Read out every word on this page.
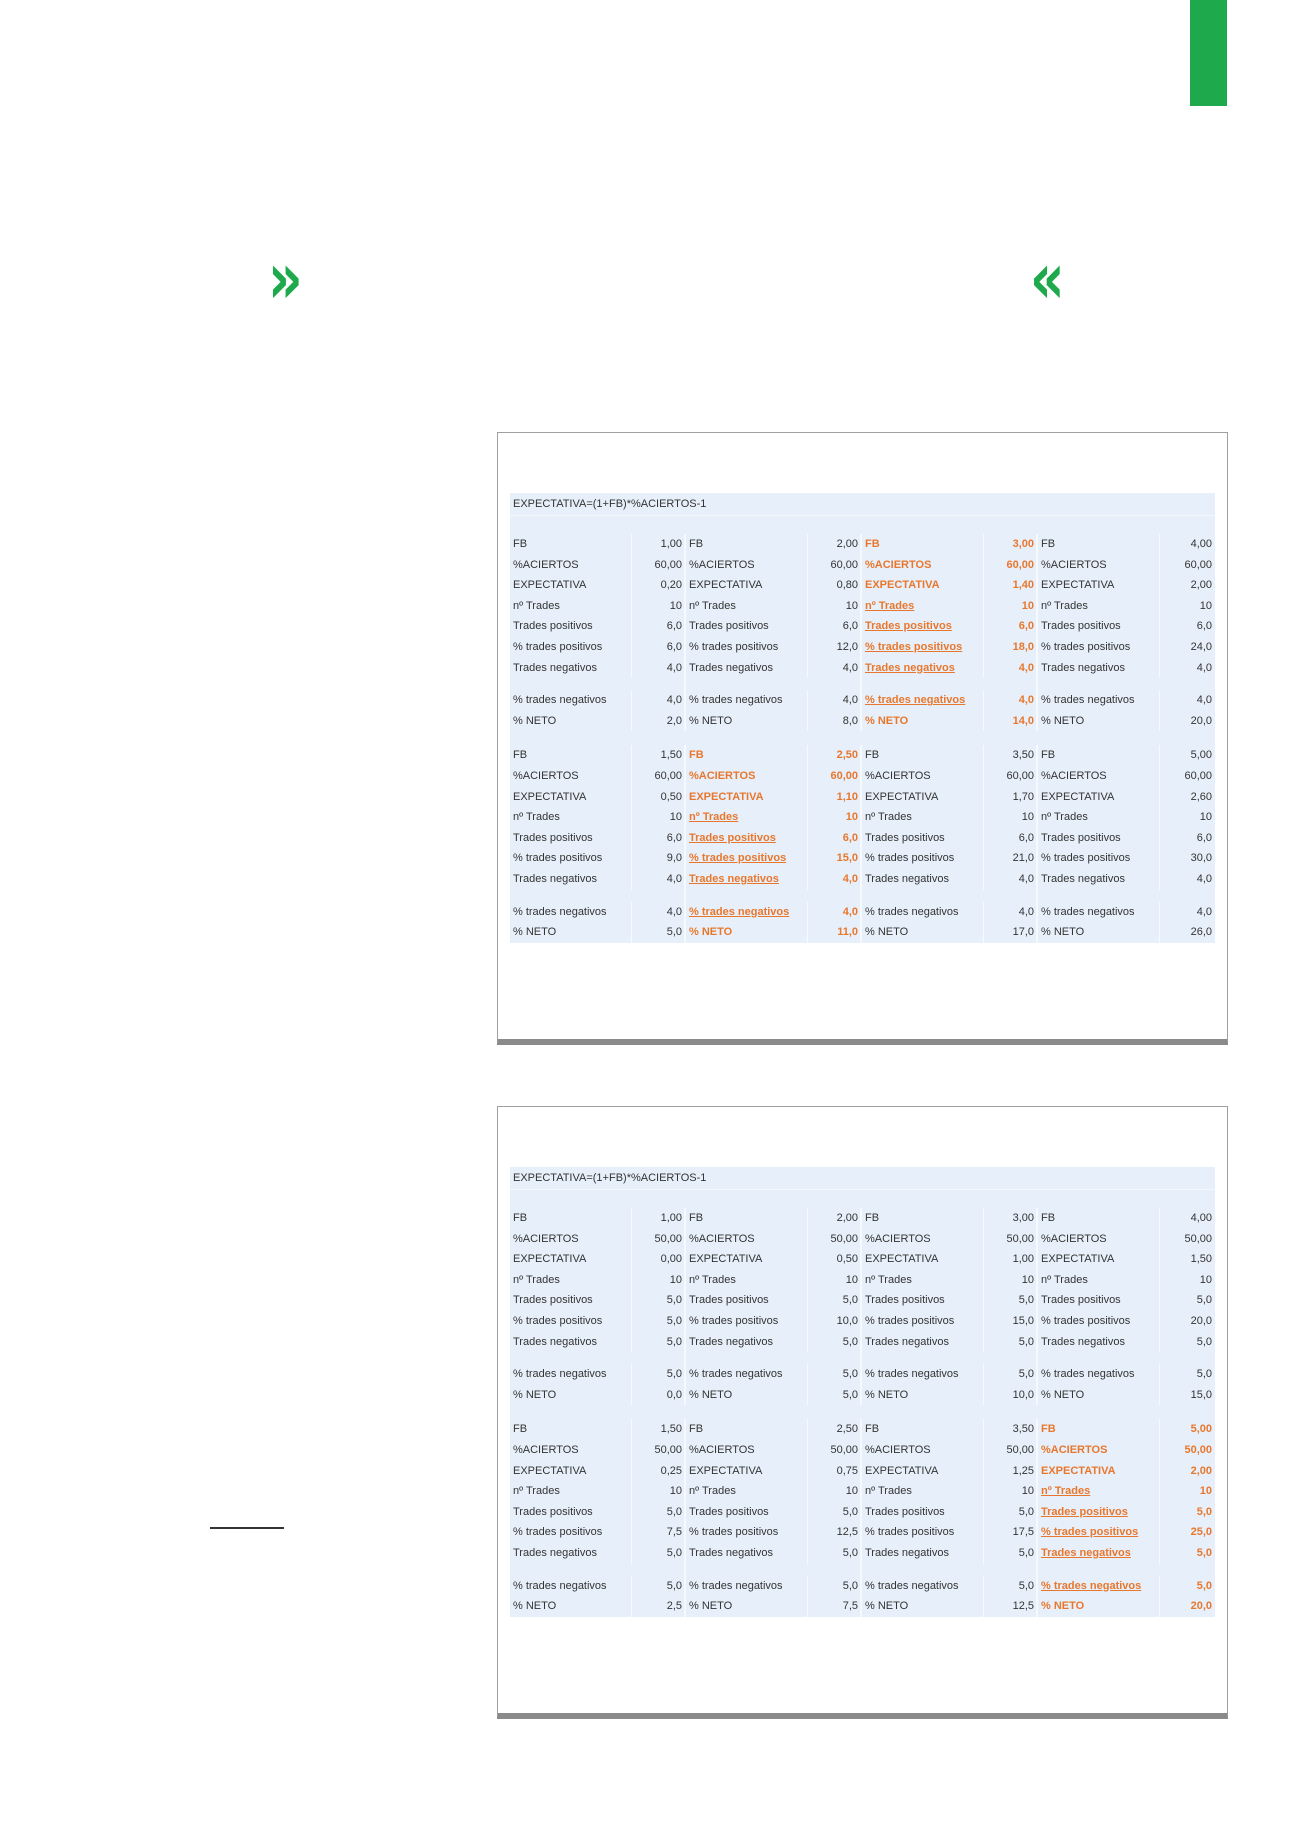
»	«
EXPECTATIVA=(1+FB)*%ACIERTOS-1
FB	1,00
%ACIERTOS	60,00
EXPECTATIVA	0,20
nº Trades	10
Trades positivos	6,0
% trades positivos	6,0
Trades negativos	4,0
% trades negativos	4,0
% NETO	2,0
FB	2,00
%ACIERTOS	60,00
EXPECTATIVA	0,80
nº Trades	10
Trades positivos	6,0
% trades positivos	12,0
Trades negativos	4,0
% trades negativos	4,0
% NETO	8,0
FB	3,00
%ACIERTOS	60,00
EXPECTATIVA	1,40
nº Trades	10
Trades positivos	6,0
% trades positivos	18,0
Trades negativos	4,0
% trades negativos	4,0
% NETO	14,0
FB	4,00
%ACIERTOS	60,00
EXPECTATIVA	2,00
nº Trades	10
Trades positivos	6,0
% trades positivos	24,0
Trades negativos	4,0
% trades negativos	4,0
% NETO	20,0
FB	1,50
%ACIERTOS	60,00
EXPECTATIVA	0,50
nº Trades	10
Trades positivos	6,0
% trades positivos	9,0
Trades negativos	4,0
% trades negativos	4,0
% NETO	5,0
FB	2,50
%ACIERTOS	60,00
EXPECTATIVA	1,10
nº Trades	10
Trades positivos	6,0
% trades positivos	15,0
Trades negativos	4,0
% trades negativos	4,0
% NETO	11,0
FB	3,50
%ACIERTOS	60,00
EXPECTATIVA	1,70
nº Trades	10
Trades positivos	6,0
% trades positivos	21,0
Trades negativos	4,0
% trades negativos	4,0
% NETO	17,0
FB	5,00
%ACIERTOS	60,00
EXPECTATIVA	2,60
nº Trades	10
Trades positivos	6,0
% trades positivos	30,0
Trades negativos	4,0
% trades negativos	4,0
% NETO	26,0
EXPECTATIVA=(1+FB)*%ACIERTOS-1
FB	1,00
%ACIERTOS	50,00
EXPECTATIVA	0,00
nº Trades	10
Trades positivos	5,0
% trades positivos	5,0
Trades negativos	5,0
% trades negativos	5,0
% NETO	0,0
FB	2,00
%ACIERTOS	50,00
EXPECTATIVA	0,50
nº Trades	10
Trades positivos	5,0
% trades positivos	10,0
Trades negativos	5,0
% trades negativos	5,0
% NETO	5,0
FB	3,00
%ACIERTOS	50,00
EXPECTATIVA	1,00
nº Trades	10
Trades positivos	5,0
% trades positivos	15,0
Trades negativos	5,0
% trades negativos	5,0
% NETO	10,0
FB	4,00
%ACIERTOS	50,00
EXPECTATIVA	1,50
nº Trades	10
Trades positivos	5,0
% trades positivos	20,0
Trades negativos	5,0
% trades negativos	5,0
% NETO	15,0
FB	1,50
%ACIERTOS	50,00
EXPECTATIVA	0,25
nº Trades	10
Trades positivos	5,0
% trades positivos	7,5
Trades negativos	5,0
% trades negativos	5,0
% NETO	2,5
FB	2,50
%ACIERTOS	50,00
EXPECTATIVA	0,75
nº Trades	10
Trades positivos	5,0
% trades positivos	12,5
Trades negativos	5,0
% trades negativos	5,0
% NETO	7,5
FB	3,50
%ACIERTOS	50,00
EXPECTATIVA	1,25
nº Trades	10
Trades positivos	5,0
% trades positivos	17,5
Trades negativos	5,0
% trades negativos	5,0
% NETO	12,5
FB	5,00
%ACIERTOS	50,00
EXPECTATIVA	2,00
nº Trades	10
Trades positivos	5,0
% trades positivos	25,0
Trades negativos	5,0
% trades negativos	5,0
% NETO	20,0
